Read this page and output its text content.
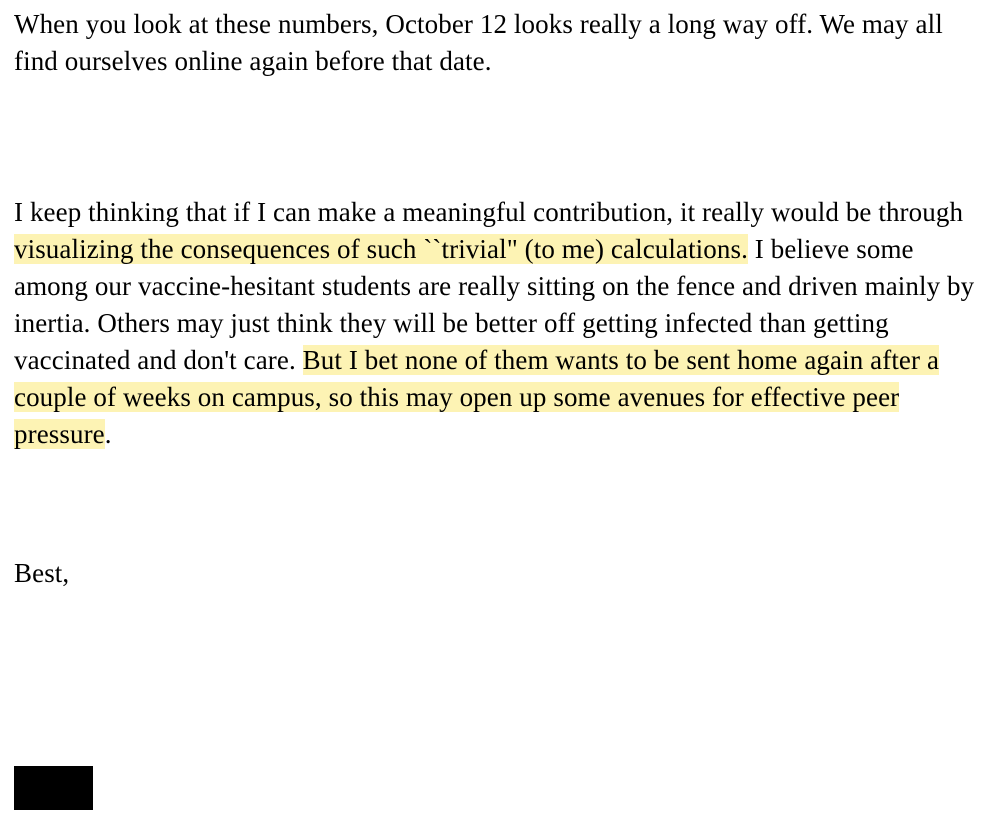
When you look at these numbers, October 12 looks really a long way off. We may all find ourselves online again before that date.

I keep thinking that if I can make a meaningful contribution, it really would be through visualizing the consequences of such ``trivial" (to me) calculations. I believe some among our vaccine-hesitant students are really sitting on the fence and driven mainly by inertia. Others may just think they will be better off getting infected than getting vaccinated and don't care. But I bet none of them wants to be sent home again after a couple of weeks on campus, so this may open up some avenues for effective peer pressure.

Best,
